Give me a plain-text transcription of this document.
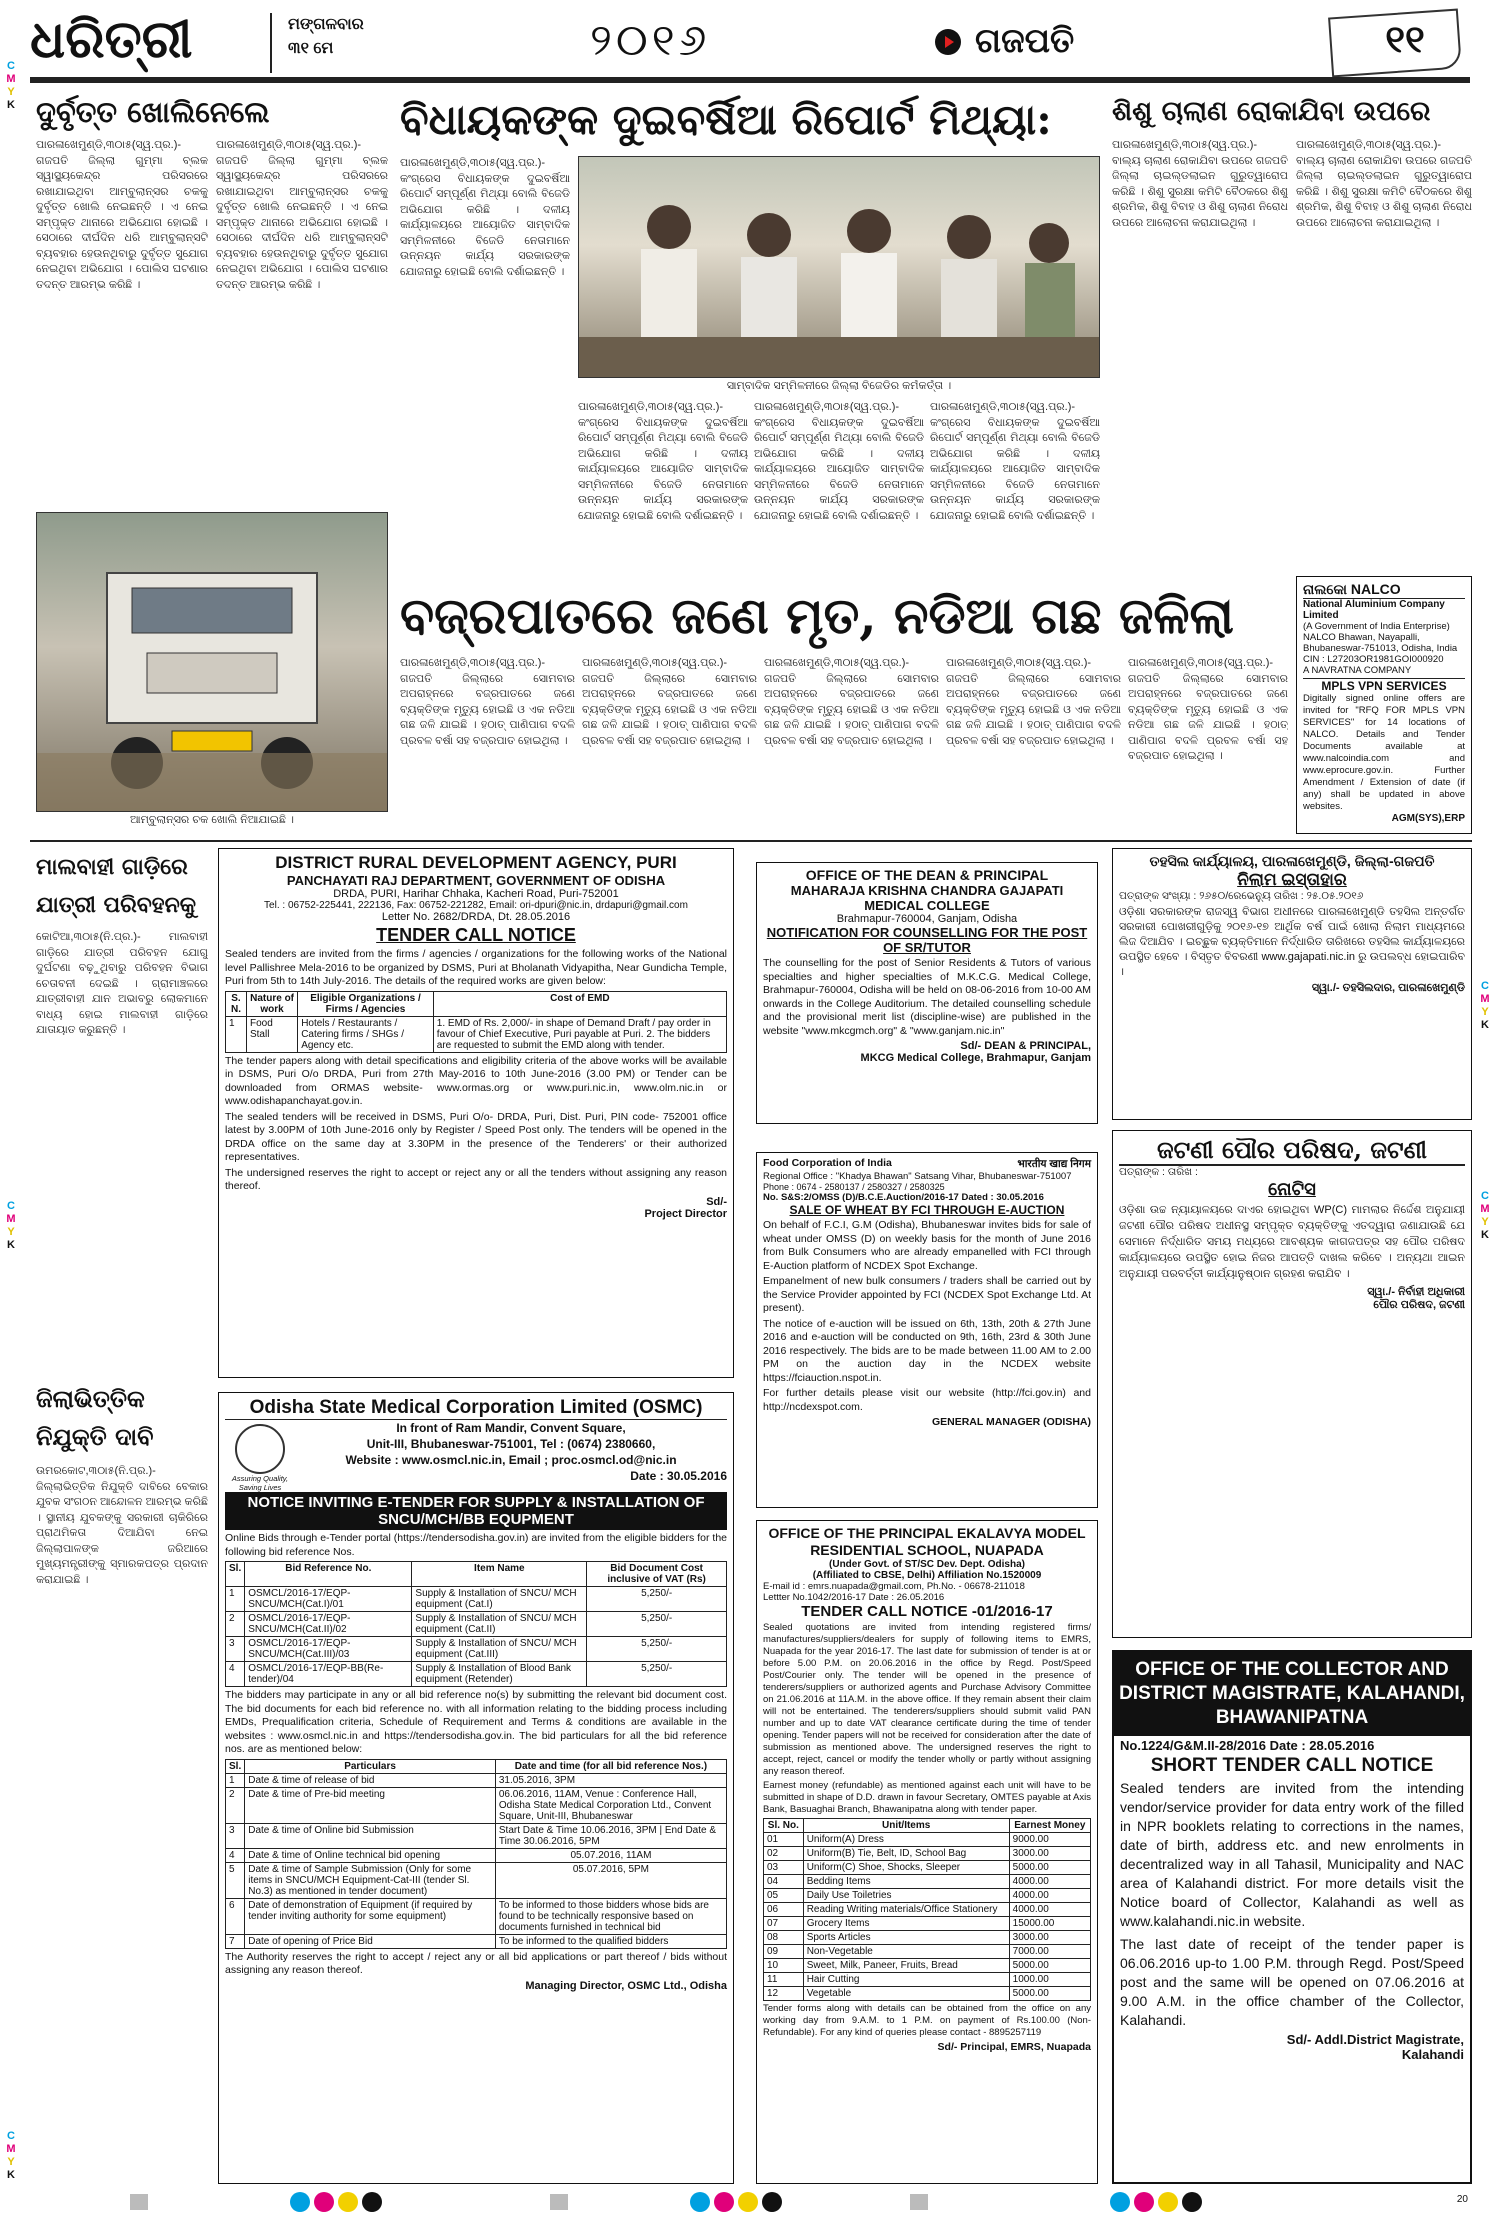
ଧରିତ୍ରୀ	ମଙ୍ଗଳବାର
୩୧ ମେ	୨୦୧୬	ଗଜପତି	୧୧
C
M
Y
K
C
M
Y
K
C
M
Y
K
C
M
Y
K
C
M
Y
K
ଦୁର୍ବୃତ୍ତ ଖୋଲିନେଲେ
ପାରଳାଖେମୁଣ୍ଡି,୩୦ା୫(ସ୍ୱ.ପ୍ର.)- ଗଜପତି ଜିଲ୍ଲା ଗୁମ୍ମା ବ୍ଲକ ସ୍ୱାସ୍ଥ୍ୟକେନ୍ଦ୍ର ପରିସରରେ ରଖାଯାଇଥିବା ଆମ୍ବୁଲାନ୍ସର ଚକକୁ ଦୁର୍ବୃତ୍ତ ଖୋଲି ନେଇଛନ୍ତି । ଏ ନେଇ ସମ୍ପୃକ୍ତ ଥାନାରେ ଅଭିଯୋଗ ହୋଇଛି । ସେଠାରେ ଦୀର୍ଘଦିନ ଧରି ଆମ୍ବୁଲାନ୍ସଟି ବ୍ୟବହାର ହେଉନଥିବାରୁ ଦୁର୍ବୃତ୍ତ ସୁଯୋଗ ନେଇଥିବା ଅଭିଯୋଗ । ପୋଲିସ ଘଟଣାର ତଦନ୍ତ ଆରମ୍ଭ କରିଛି ।
ପାରଳାଖେମୁଣ୍ଡି,୩୦ା୫(ସ୍ୱ.ପ୍ର.)- ଗଜପତି ଜିଲ୍ଲା ଗୁମ୍ମା ବ୍ଲକ ସ୍ୱାସ୍ଥ୍ୟକେନ୍ଦ୍ର ପରିସରରେ ରଖାଯାଇଥିବା ଆମ୍ବୁଲାନ୍ସର ଚକକୁ ଦୁର୍ବୃତ୍ତ ଖୋଲି ନେଇଛନ୍ତି । ଏ ନେଇ ସମ୍ପୃକ୍ତ ଥାନାରେ ଅଭିଯୋଗ ହୋଇଛି । ସେଠାରେ ଦୀର୍ଘଦିନ ଧରି ଆମ୍ବୁଲାନ୍ସଟି ବ୍ୟବହାର ହେଉନଥିବାରୁ ଦୁର୍ବୃତ୍ତ ସୁଯୋଗ ନେଇଥିବା ଅଭିଯୋଗ । ପୋଲିସ ଘଟଣାର ତଦନ୍ତ ଆରମ୍ଭ କରିଛି ।
ଆମ୍ବୁଲାନ୍ସର ଚକ ଖୋଲି ନିଆଯାଇଛି ।
ବିଧାୟକଙ୍କ ଦୁଇବର୍ଷିଆ ରିପୋର୍ଟ ମିଥ୍ୟା:
ପାରଳାଖେମୁଣ୍ଡି,୩୦ା୫(ସ୍ୱ.ପ୍ର.)- କଂଗ୍ରେସ ବିଧାୟକଙ୍କ ଦୁଇବର୍ଷିଆ ରିପୋର୍ଟ ସମ୍ପୂର୍ଣ୍ଣ ମିଥ୍ୟା ବୋଲି ବିଜେଡି ଅଭିଯୋଗ କରିଛି । ଦଳୀୟ କାର୍ଯ୍ୟାଳୟରେ ଆୟୋଜିତ ସାମ୍ବାଦିକ ସମ୍ମିଳନୀରେ ବିଜେଡି ନେତାମାନେ ଉନ୍ନୟନ କାର୍ଯ୍ୟ ସରକାରଙ୍କ ଯୋଜନାରୁ ହୋଇଛି ବୋଲି ଦର୍ଶାଇଛନ୍ତି ।
ସାମ୍ବାଦିକ ସମ୍ମିଳନୀରେ ଜିଲ୍ଲା ବିଜେଡିର କର୍ମକର୍ତ୍ତା ।
ପାରଳାଖେମୁଣ୍ଡି,୩୦ା୫(ସ୍ୱ.ପ୍ର.)- କଂଗ୍ରେସ ବିଧାୟକଙ୍କ ଦୁଇବର୍ଷିଆ ରିପୋର୍ଟ ସମ୍ପୂର୍ଣ୍ଣ ମିଥ୍ୟା ବୋଲି ବିଜେଡି ଅଭିଯୋଗ କରିଛି । ଦଳୀୟ କାର୍ଯ୍ୟାଳୟରେ ଆୟୋଜିତ ସାମ୍ବାଦିକ ସମ୍ମିଳନୀରେ ବିଜେଡି ନେତାମାନେ ଉନ୍ନୟନ କାର୍ଯ୍ୟ ସରକାରଙ୍କ ଯୋଜନାରୁ ହୋଇଛି ବୋଲି ଦର୍ଶାଇଛନ୍ତି ।
ପାରଳାଖେମୁଣ୍ଡି,୩୦ା୫(ସ୍ୱ.ପ୍ର.)- କଂଗ୍ରେସ ବିଧାୟକଙ୍କ ଦୁଇବର୍ଷିଆ ରିପୋର୍ଟ ସମ୍ପୂର୍ଣ୍ଣ ମିଥ୍ୟା ବୋଲି ବିଜେଡି ଅଭିଯୋଗ କରିଛି । ଦଳୀୟ କାର୍ଯ୍ୟାଳୟରେ ଆୟୋଜିତ ସାମ୍ବାଦିକ ସମ୍ମିଳନୀରେ ବିଜେଡି ନେତାମାନେ ଉନ୍ନୟନ କାର୍ଯ୍ୟ ସରକାରଙ୍କ ଯୋଜନାରୁ ହୋଇଛି ବୋଲି ଦର୍ଶାଇଛନ୍ତି ।
ପାରଳାଖେମୁଣ୍ଡି,୩୦ା୫(ସ୍ୱ.ପ୍ର.)- କଂଗ୍ରେସ ବିଧାୟକଙ୍କ ଦୁଇବର୍ଷିଆ ରିପୋର୍ଟ ସମ୍ପୂର୍ଣ୍ଣ ମିଥ୍ୟା ବୋଲି ବିଜେଡି ଅଭିଯୋଗ କରିଛି । ଦଳୀୟ କାର୍ଯ୍ୟାଳୟରେ ଆୟୋଜିତ ସାମ୍ବାଦିକ ସମ୍ମିଳନୀରେ ବିଜେଡି ନେତାମାନେ ଉନ୍ନୟନ କାର୍ଯ୍ୟ ସରକାରଙ୍କ ଯୋଜନାରୁ ହୋଇଛି ବୋଲି ଦର୍ଶାଇଛନ୍ତି ।
ଶିଶୁ ଚାଲାଣ ରୋକାଯିବା ଉପରେ
ପାରଳାଖେମୁଣ୍ଡି,୩୦ା୫(ସ୍ୱ.ପ୍ର.)- ବାଲ୍ୟ ଚାଲାଣ ରୋକାଯିବା ଉପରେ ଗଜପତି ଜିଲ୍ଲା ଚାଇଲ୍ଡଲାଇନ ଗୁରୁତ୍ୱାରୋପ କରିଛି । ଶିଶୁ ସୁରକ୍ଷା କମିଟି ବୈଠକରେ ଶିଶୁ ଶ୍ରମିକ, ଶିଶୁ ବିବାହ ଓ ଶିଶୁ ଚାଲାଣ ନିରୋଧ ଉପରେ ଆଲୋଚନା କରାଯାଇଥିଲା ।
ପାରଳାଖେମୁଣ୍ଡି,୩୦ା୫(ସ୍ୱ.ପ୍ର.)- ବାଲ୍ୟ ଚାଲାଣ ରୋକାଯିବା ଉପରେ ଗଜପତି ଜିଲ୍ଲା ଚାଇଲ୍ଡଲାଇନ ଗୁରୁତ୍ୱାରୋପ କରିଛି । ଶିଶୁ ସୁରକ୍ଷା କମିଟି ବୈଠକରେ ଶିଶୁ ଶ୍ରମିକ, ଶିଶୁ ବିବାହ ଓ ଶିଶୁ ଚାଲାଣ ନିରୋଧ ଉପରେ ଆଲୋଚନା କରାଯାଇଥିଲା ।
ବଜ୍ରପାତରେ ଜଣେ ମୃତ, ନଡିଆ ଗଛ ଜଳିଲା
ପାରଳାଖେମୁଣ୍ଡି,୩୦ା୫(ସ୍ୱ.ପ୍ର.)- ଗଜପତି ଜିଲ୍ଲାରେ ସୋମବାର ଅପରାହ୍ନରେ ବଜ୍ରପାତରେ ଜଣେ ବ୍ୟକ୍ତିଙ୍କ ମୃତ୍ୟୁ ହୋଇଛି ଓ ଏକ ନଡିଆ ଗଛ ଜଳି ଯାଇଛି । ହଠାତ୍ ପାଣିପାଗ ବଦଳି ପ୍ରବଳ ବର୍ଷା ସହ ବଜ୍ରପାତ ହୋଇଥିଲା ।
ପାରଳାଖେମୁଣ୍ଡି,୩୦ା୫(ସ୍ୱ.ପ୍ର.)- ଗଜପତି ଜିଲ୍ଲାରେ ସୋମବାର ଅପରାହ୍ନରେ ବଜ୍ରପାତରେ ଜଣେ ବ୍ୟକ୍ତିଙ୍କ ମୃତ୍ୟୁ ହୋଇଛି ଓ ଏକ ନଡିଆ ଗଛ ଜଳି ଯାଇଛି । ହଠାତ୍ ପାଣିପାଗ ବଦଳି ପ୍ରବଳ ବର୍ଷା ସହ ବଜ୍ରପାତ ହୋଇଥିଲା ।
ପାରଳାଖେମୁଣ୍ଡି,୩୦ା୫(ସ୍ୱ.ପ୍ର.)- ଗଜପତି ଜିଲ୍ଲାରେ ସୋମବାର ଅପରାହ୍ନରେ ବଜ୍ରପାତରେ ଜଣେ ବ୍ୟକ୍ତିଙ୍କ ମୃତ୍ୟୁ ହୋଇଛି ଓ ଏକ ନଡିଆ ଗଛ ଜଳି ଯାଇଛି । ହଠାତ୍ ପାଣିପାଗ ବଦଳି ପ୍ରବଳ ବର୍ଷା ସହ ବଜ୍ରପାତ ହୋଇଥିଲା ।
ପାରଳାଖେମୁଣ୍ଡି,୩୦ା୫(ସ୍ୱ.ପ୍ର.)- ଗଜପତି ଜିଲ୍ଲାରେ ସୋମବାର ଅପରାହ୍ନରେ ବଜ୍ରପାତରେ ଜଣେ ବ୍ୟକ୍ତିଙ୍କ ମୃତ୍ୟୁ ହୋଇଛି ଓ ଏକ ନଡିଆ ଗଛ ଜଳି ଯାଇଛି । ହଠାତ୍ ପାଣିପାଗ ବଦଳି ପ୍ରବଳ ବର୍ଷା ସହ ବଜ୍ରପାତ ହୋଇଥିଲା ।
ପାରଳାଖେମୁଣ୍ଡି,୩୦ା୫(ସ୍ୱ.ପ୍ର.)- ଗଜପତି ଜିଲ୍ଲାରେ ସୋମବାର ଅପରାହ୍ନରେ ବଜ୍ରପାତରେ ଜଣେ ବ୍ୟକ୍ତିଙ୍କ ମୃତ୍ୟୁ ହୋଇଛି ଓ ଏକ ନଡିଆ ଗଛ ଜଳି ଯାଇଛି । ହଠାତ୍ ପାଣିପାଗ ବଦଳି ପ୍ରବଳ ବର୍ଷା ସହ ବଜ୍ରପାତ ହୋଇଥିଲା ।
ନାଲକୋ NALCO
National Aluminium Company Limited
(A Government of India Enterprise)
NALCO Bhawan, Nayapalli, Bhubaneswar-751013, Odisha, India
CIN : L27203OR1981GOI000920
A NAVRATNA COMPANY
MPLS VPN SERVICES
Digitally signed online offers are invited for "RFQ FOR MPLS VPN SERVICES" for 14 locations of NALCO. Details and Tender Documents available at www.nalcoindia.com and www.eprocure.gov.in. Further Amendment / Extension of date (if any) shall be updated in above websites.
AGM(SYS),ERP
ମାଲବାହୀ ଗାଡ଼ିରେ ଯାତ୍ରୀ ପରିବହନକୁ
କୋଟିଆ,୩୦ା୫(ନି.ପ୍ର.)- ମାଲବାହୀ ଗାଡ଼ିରେ ଯାତ୍ରୀ ପରିବହନ ଯୋଗୁ ଦୁର୍ଘଟଣା ବଢ଼ୁଥିବାରୁ ପରିବହନ ବିଭାଗ ଚେତାବନୀ ଦେଇଛି । ଗ୍ରାମାଞ୍ଚଳରେ ଯାତ୍ରୀବାହୀ ଯାନ ଅଭାବରୁ ଲୋକମାନେ ବାଧ୍ୟ ହୋଇ ମାଲବାହୀ ଗାଡ଼ିରେ ଯାତାୟାତ କରୁଛନ୍ତି ।
ଜିଲାଭିତ୍ତିକ ନିଯୁକ୍ତି ଦାବି
ଉମରକୋଟ,୩୦ା୫(ନି.ପ୍ର.)- ଜିଲ୍ଲାଭିତ୍ତିକ ନିଯୁକ୍ତି ଦାବିରେ ବେକାର ଯୁବକ ସଂଗଠନ ଆନ୍ଦୋଳନ ଆରମ୍ଭ କରିଛି । ସ୍ଥାନୀୟ ଯୁବକଙ୍କୁ ସରକାରୀ ଚାକିରିରେ ପ୍ରାଥମିକତା ଦିଆଯିବା ନେଇ ଜିଲ୍ଲାପାଳଙ୍କ ଜରିଆରେ ମୁଖ୍ୟମନ୍ତ୍ରୀଙ୍କୁ ସ୍ମାରକପତ୍ର ପ୍ରଦାନ କରାଯାଇଛି ।
DISTRICT RURAL DEVELOPMENT AGENCY, PURI
PANCHAYATI RAJ DEPARTMENT, GOVERNMENT OF ODISHA
DRDA, PURI, Harihar Chhaka, Kacheri Road, Puri-752001
Tel. : 06752-225441, 222136, Fax: 06752-221282, Email: ori-dpuri@nic.in, drdapuri@gmail.com
Letter No. 2682/DRDA, Dt. 28.05.2016
TENDER CALL NOTICE
Sealed tenders are invited from the firms / agencies / organizations for the following works of the National level Pallishree Mela-2016 to be organized by DSMS, Puri at Bholanath Vidyapitha, Near Gundicha Temple, Puri from 5th to 14th July-2016. The details of the required works are given below:
S. N.	Nature of work	Eligible Organizations / Firms / Agencies	Cost of EMD
1	Food Stall	Hotels / Restaurants / Catering firms / SHGs / Agency etc.	1. EMD of Rs. 2,000/- in shape of Demand Draft / pay order in favour of Chief Executive, Puri payable at Puri. 2. The bidders are requested to submit the EMD along with tender.
The tender papers along with detail specifications and eligibility criteria of the above works will be available in DSMS, Puri O/o DRDA, Puri from 27th May-2016 to 10th June-2016 (3.00 PM) or Tender can be downloaded from ORMAS website- www.ormas.org or www.puri.nic.in, www.olm.nic.in or www.odishapanchayat.gov.in.
The sealed tenders will be received in DSMS, Puri O/o- DRDA, Puri, Dist. Puri, PIN code- 752001 office latest by 3.00PM of 10th June-2016 only by Register / Speed Post only. The tenders will be opened in the DRDA office on the same day at 3.30PM in the presence of the Tenderers' or their authorized representatives.
The undersigned reserves the right to accept or reject any or all the tenders without assigning any reason thereof.
Sd/-
Project Director
OFFICE OF THE DEAN & PRINCIPAL
MAHARAJA KRISHNA CHANDRA GAJAPATI MEDICAL COLLEGE
Brahmapur-760004, Ganjam, Odisha
NOTIFICATION FOR COUNSELLING FOR THE POST OF SR/TUTOR
The counselling for the post of Senior Residents & Tutors of various specialties and higher specialties of M.K.C.G. Medical College, Brahmapur-760004, Odisha will be held on 08-06-2016 from 10-00 AM onwards in the College Auditorium. The detailed counselling schedule and the provisional merit list (discipline-wise) are published in the website "www.mkcgmch.org" & "www.ganjam.nic.in"
Sd/- DEAN & PRINCIPAL,
MKCG Medical College, Brahmapur, Ganjam
Food Corporation of India	भारतीय खाद्य निगम
Regional Office : "Khadya Bhawan" Satsang Vihar, Bhubaneswar-751007
Phone : 0674 - 2580137 / 2580327 / 2580325
No. S&S:2/OMSS (D)/B.C.E.Auction/2016-17 Dated : 30.05.2016
SALE OF WHEAT BY FCI THROUGH E-AUCTION
On behalf of F.C.I, G.M (Odisha), Bhubaneswar invites bids for sale of wheat under OMSS (D) on weekly basis for the month of June 2016 from Bulk Consumers who are already empanelled with FCI through E-Auction platform of NCDEX Spot Exchange.
Empanelment of new bulk consumers / traders shall be carried out by the Service Provider appointed by FCI (NCDEX Spot Exchange Ltd. At present).
The notice of e-auction will be issued on 6th, 13th, 20th & 27th June 2016 and e-auction will be conducted on 9th, 16th, 23rd & 30th June 2016 respectively. The bids are to be made between 11.00 AM to 2.00 PM on the auction day in the NCDEX website https://fciauction.nspot.in.
For further details please visit our website (http://fci.gov.in) and http://ncdexspot.com.
GENERAL MANAGER (ODISHA)
Odisha State Medical Corporation Limited (OSMC)
Assuring Quality, Saving Lives
In front of Ram Mandir, Convent Square,
Unit-III, Bhubaneswar-751001, Tel : (0674) 2380660,
Website : www.osmcl.nic.in, Email ; proc.osmcl.od@nic.in
Date : 30.05.2016
NOTICE INVITING E-TENDER FOR SUPPLY & INSTALLATION OF SNCU/MCH/BB EQUPMENT
Online Bids through e-Tender portal (https://tendersodisha.gov.in) are invited from the eligible bidders for the following bid reference Nos.
Sl.	Bid Reference No.	Item Name	Bid Document Cost inclusive of VAT (Rs)
1	OSMCL/2016-17/EQP-SNCU/MCH(Cat.I)/01	Supply & Installation of SNCU/ MCH equipment (Cat.I)	5,250/-
2	OSMCL/2016-17/EQP-SNCU/MCH(Cat.II)/02	Supply & Installation of SNCU/ MCH equipment (Cat.II)	5,250/-
3	OSMCL/2016-17/EQP-SNCU/MCH(Cat.III)/03	Supply & Installation of SNCU/ MCH equipment (Cat.III)	5,250/-
4	OSMCL/2016-17/EQP-BB(Re-tender)/04	Supply & Installation of Blood Bank equipment (Retender)	5,250/-
The bidders may participate in any or all bid reference no(s) by submitting the relevant bid document cost. The bid documents for each bid reference no. with all information relating to the bidding process including EMDs, Prequalification criteria, Schedule of Requirement and Terms & conditions are available in the websites : www.osmcl.nic.in and https://tendersodisha.gov.in. The bid particulars for all the bid reference nos. are as mentioned below:
Sl.	Particulars	Date and time (for all bid reference Nos.)
1	Date & time of release of bid	31.05.2016, 3PM
2	Date & time of Pre-bid meeting	06.06.2016, 11AM, Venue : Conference Hall, Odisha State Medical Corporation Ltd., Convent Square, Unit-III, Bhubaneswar
3	Date & time of Online bid Submission	Start Date & Time 10.06.2016, 3PM | End Date & Time 30.06.2016, 5PM
4	Date & time of Online technical bid opening	05.07.2016, 11AM
5	Date & time of Sample Submission (Only for some items in SNCU/MCH Equipment-Cat-III (tender Sl. No.3) as mentioned in tender document)	05.07.2016, 5PM
6	Date of demonstration of Equipment (if required by tender inviting authority for some equipment)	To be informed to those bidders whose bids are found to be technically responsive based on documents furnished in technical bid
7	Date of opening of Price Bid	To be informed to the qualified bidders
The Authority reserves the right to accept / reject any or all bid applications or part thereof / bids without assigning any reason thereof.
Managing Director, OSMC Ltd., Odisha
OFFICE OF THE PRINCIPAL EKALAVYA MODEL RESIDENTIAL SCHOOL, NUAPADA
(Under Govt. of ST/SC Dev. Dept. Odisha)
(Affiliated to CBSE, Delhi) Affiliation No.1520009
E-mail id : emrs.nuapada@gmail.com, Ph.No. - 06678-211018
Lettter No.1042/2016-17 Date : 26.05.2016
TENDER CALL NOTICE -01/2016-17
Sealed quotations are invited from intending registered firms/ manufactures/suppliers/dealers for supply of following items to EMRS, Nuapada for the year 2016-17. The last date for submission of tender is at or before 5.00 P.M. on 20.06.2016 in the office by Regd. Post/Speed Post/Courier only. The tender will be opened in the presence of tenderers/suppliers or authorized agents and Purchase Advisory Committee on 21.06.2016 at 11A.M. in the above office. If they remain absent their claim will not be entertained. The tenderers/suppliers should submit valid PAN number and up to date VAT clearance certificate during the time of tender opening. Tender papers will not be received for consideration after the date of submission as mentioned above. The undersigned reserves the right to accept, reject, cancel or modify the tender wholly or partly without assigning any reason thereof.
Earnest money (refundable) as mentioned against each unit will have to be submitted in shape of D.D. drawn in favour Secretary, OMTES payable at Axis Bank, Basuaghai Branch, Bhawanipatna along with tender paper.
Sl. No.	Unit/Items	Earnest Money
01	Uniform(A) Dress	9000.00
02	Uniform(B) Tie, Belt, ID, School Bag	3000.00
03	Uniform(C) Shoe, Shocks, Sleeper	5000.00
04	Bedding Items	4000.00
05	Daily Use Toiletries	4000.00
06	Reading Writing materials/Office Stationery	4000.00
07	Grocery Items	15000.00
08	Sports Articles	3000.00
09	Non-Vegetable	7000.00
10	Sweet, Milk, Paneer, Fruits, Bread	5000.00
11	Hair Cutting	1000.00
12	Vegetable	5000.00
Tender forms along with details can be obtained from the office on any working day from 9.A.M. to 1 P.M. on payment of Rs.100.00 (Non-Refundable). For any kind of queries please contact - 8895257119
Sd/- Principal, EMRS, Nuapada
ତହସିଲ କାର୍ଯ୍ୟାଳୟ, ପାରଳାଖେମୁଣ୍ଡି, ଜିଲ୍ଲା-ଗଜପତି
ନିଲାମ ଇସ୍ତାହାର
ପତ୍ରାଙ୍କ ସଂଖ୍ୟା : ୨୬୫୦/ରେଭେନ୍ୟୁ ତାରିଖ : ୨୫.୦୫.୨୦୧୬
ଓଡ଼ିଶା ସରକାରଙ୍କ ରାଜସ୍ୱ ବିଭାଗ ଅଧୀନରେ ପାରଳାଖେମୁଣ୍ଡି ତହସିଲ ଅନ୍ତର୍ଗତ ସରକାରୀ ପୋଖରୀଗୁଡ଼ିକୁ ୨୦୧୬-୧୭ ଆର୍ଥିକ ବର୍ଷ ପାଇଁ ଖୋଲା ନିଲାମ ମାଧ୍ୟମରେ ଲିଜ ଦିଆଯିବ । ଇଚ୍ଛୁକ ବ୍ୟକ୍ତିମାନେ ନିର୍ଦ୍ଧାରିତ ତାରିଖରେ ତହସିଲ କାର୍ଯ୍ୟାଳୟରେ ଉପସ୍ଥିତ ହେବେ । ବିସ୍ତୃତ ବିବରଣୀ www.gajapati.nic.in ରୁ ଉପଲବ୍ଧ ହୋଇପାରିବ ।
ସ୍ୱା./- ତହସିଲଦାର, ପାରଳାଖେମୁଣ୍ଡି
ଜଟଣୀ ପୌର ପରିଷଦ, ଜଟଣୀ
ପତ୍ରାଙ୍କ : ତାରିଖ :
ନୋଟିସ
ଓଡ଼ିଶା ଉଚ୍ଚ ନ୍ୟାୟାଳୟରେ ଦାଏର ହୋଇଥିବା WP(C) ମାମଲାର ନିର୍ଦ୍ଦେଶ ଅନୁଯାୟୀ ଜଟଣୀ ପୌର ପରିଷଦ ଅଧୀନସ୍ଥ ସମ୍ପୃକ୍ତ ବ୍ୟକ୍ତିଙ୍କୁ ଏତଦ୍ୱାରା ଜଣାଯାଉଛି ଯେ ସେମାନେ ନିର୍ଦ୍ଧାରିତ ସମୟ ମଧ୍ୟରେ ଆବଶ୍ୟକ କାଗଜପତ୍ର ସହ ପୌର ପରିଷଦ କାର୍ଯ୍ୟାଳୟରେ ଉପସ୍ଥିତ ହୋଇ ନିଜର ଆପତ୍ତି ଦାଖଲ କରିବେ । ଅନ୍ୟଥା ଆଇନ ଅନୁଯାୟୀ ପରବର୍ତ୍ତୀ କାର୍ଯ୍ୟାନୁଷ୍ଠାନ ଗ୍ରହଣ କରାଯିବ ।
ସ୍ୱା./- ନିର୍ବାହୀ ଅଧିକାରୀ
ପୌର ପରିଷଦ, ଜଟଣୀ
OFFICE OF THE COLLECTOR AND DISTRICT MAGISTRATE, KALAHANDI, BHAWANIPATNA
No.1224/G&M.II-28/2016 Date : 28.05.2016
SHORT TENDER CALL NOTICE
Sealed tenders are invited from the intending vendor/service provider for data entry work of the filled in NPR booklets relating to corrections in the names, date of birth, address etc. and new enrolments in decentralized way in all Tahasil, Municipality and NAC area of Kalahandi district. For more details visit the Notice board of Collector, Kalahandi as well as www.kalahandi.nic.in website.
The last date of receipt of the tender paper is 06.06.2016 up-to 1.00 P.M. through Regd. Post/Speed post and the same will be opened on 07.06.2016 at 9.00 A.M. in the office chamber of the Collector, Kalahandi.
Sd/- Addl.District Magistrate,
Kalahandi
20
